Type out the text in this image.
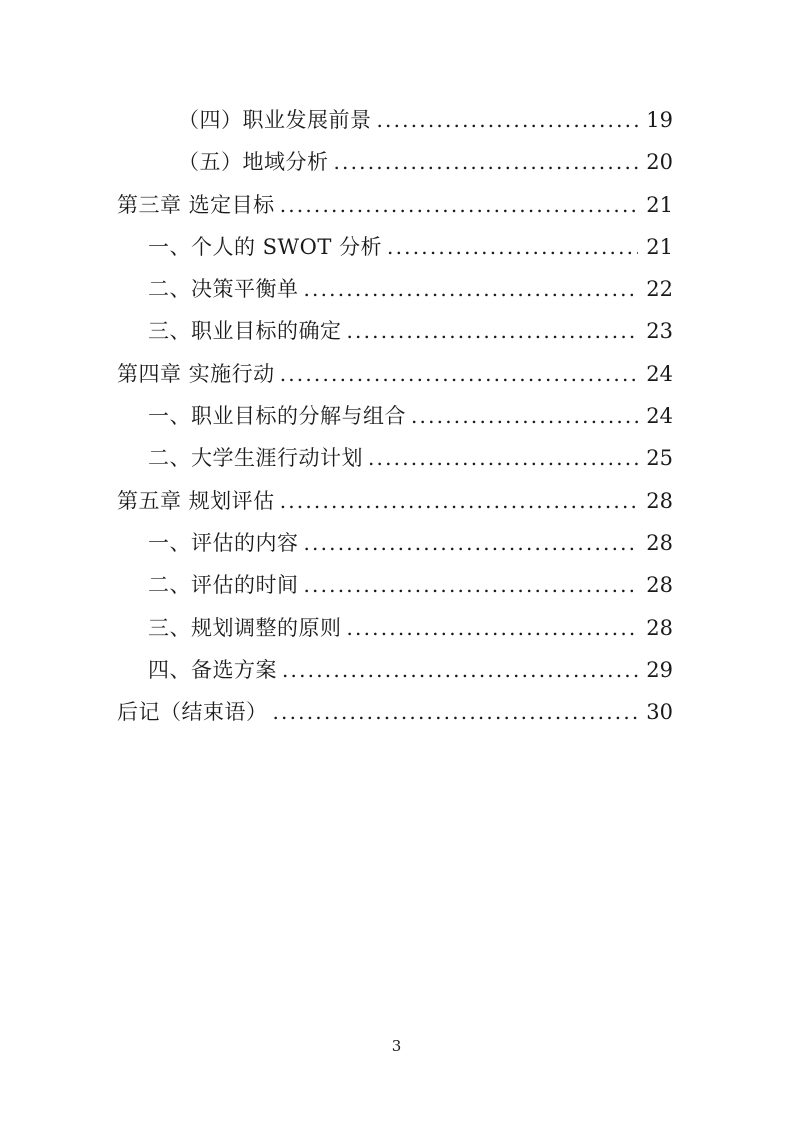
（四）职业发展前景 .....	19
（五）地域分析 .....	20
第三章 选定目标 .....	21
一、个人的 SWOT 分析 .....	21
二、决策平衡单 .....	22
三、职业目标的确定 .....	23
第四章 实施行动 .....	24
一、职业目标的分解与组合 .....	24
二、大学生涯行动计划 .....	25
第五章 规划评估 .....	28
一、评估的内容 .....	28
二、评估的时间 .....	28
三、规划调整的原则 .....	28
四、备选方案 .....	29
后记（结束语） .....	30
3
